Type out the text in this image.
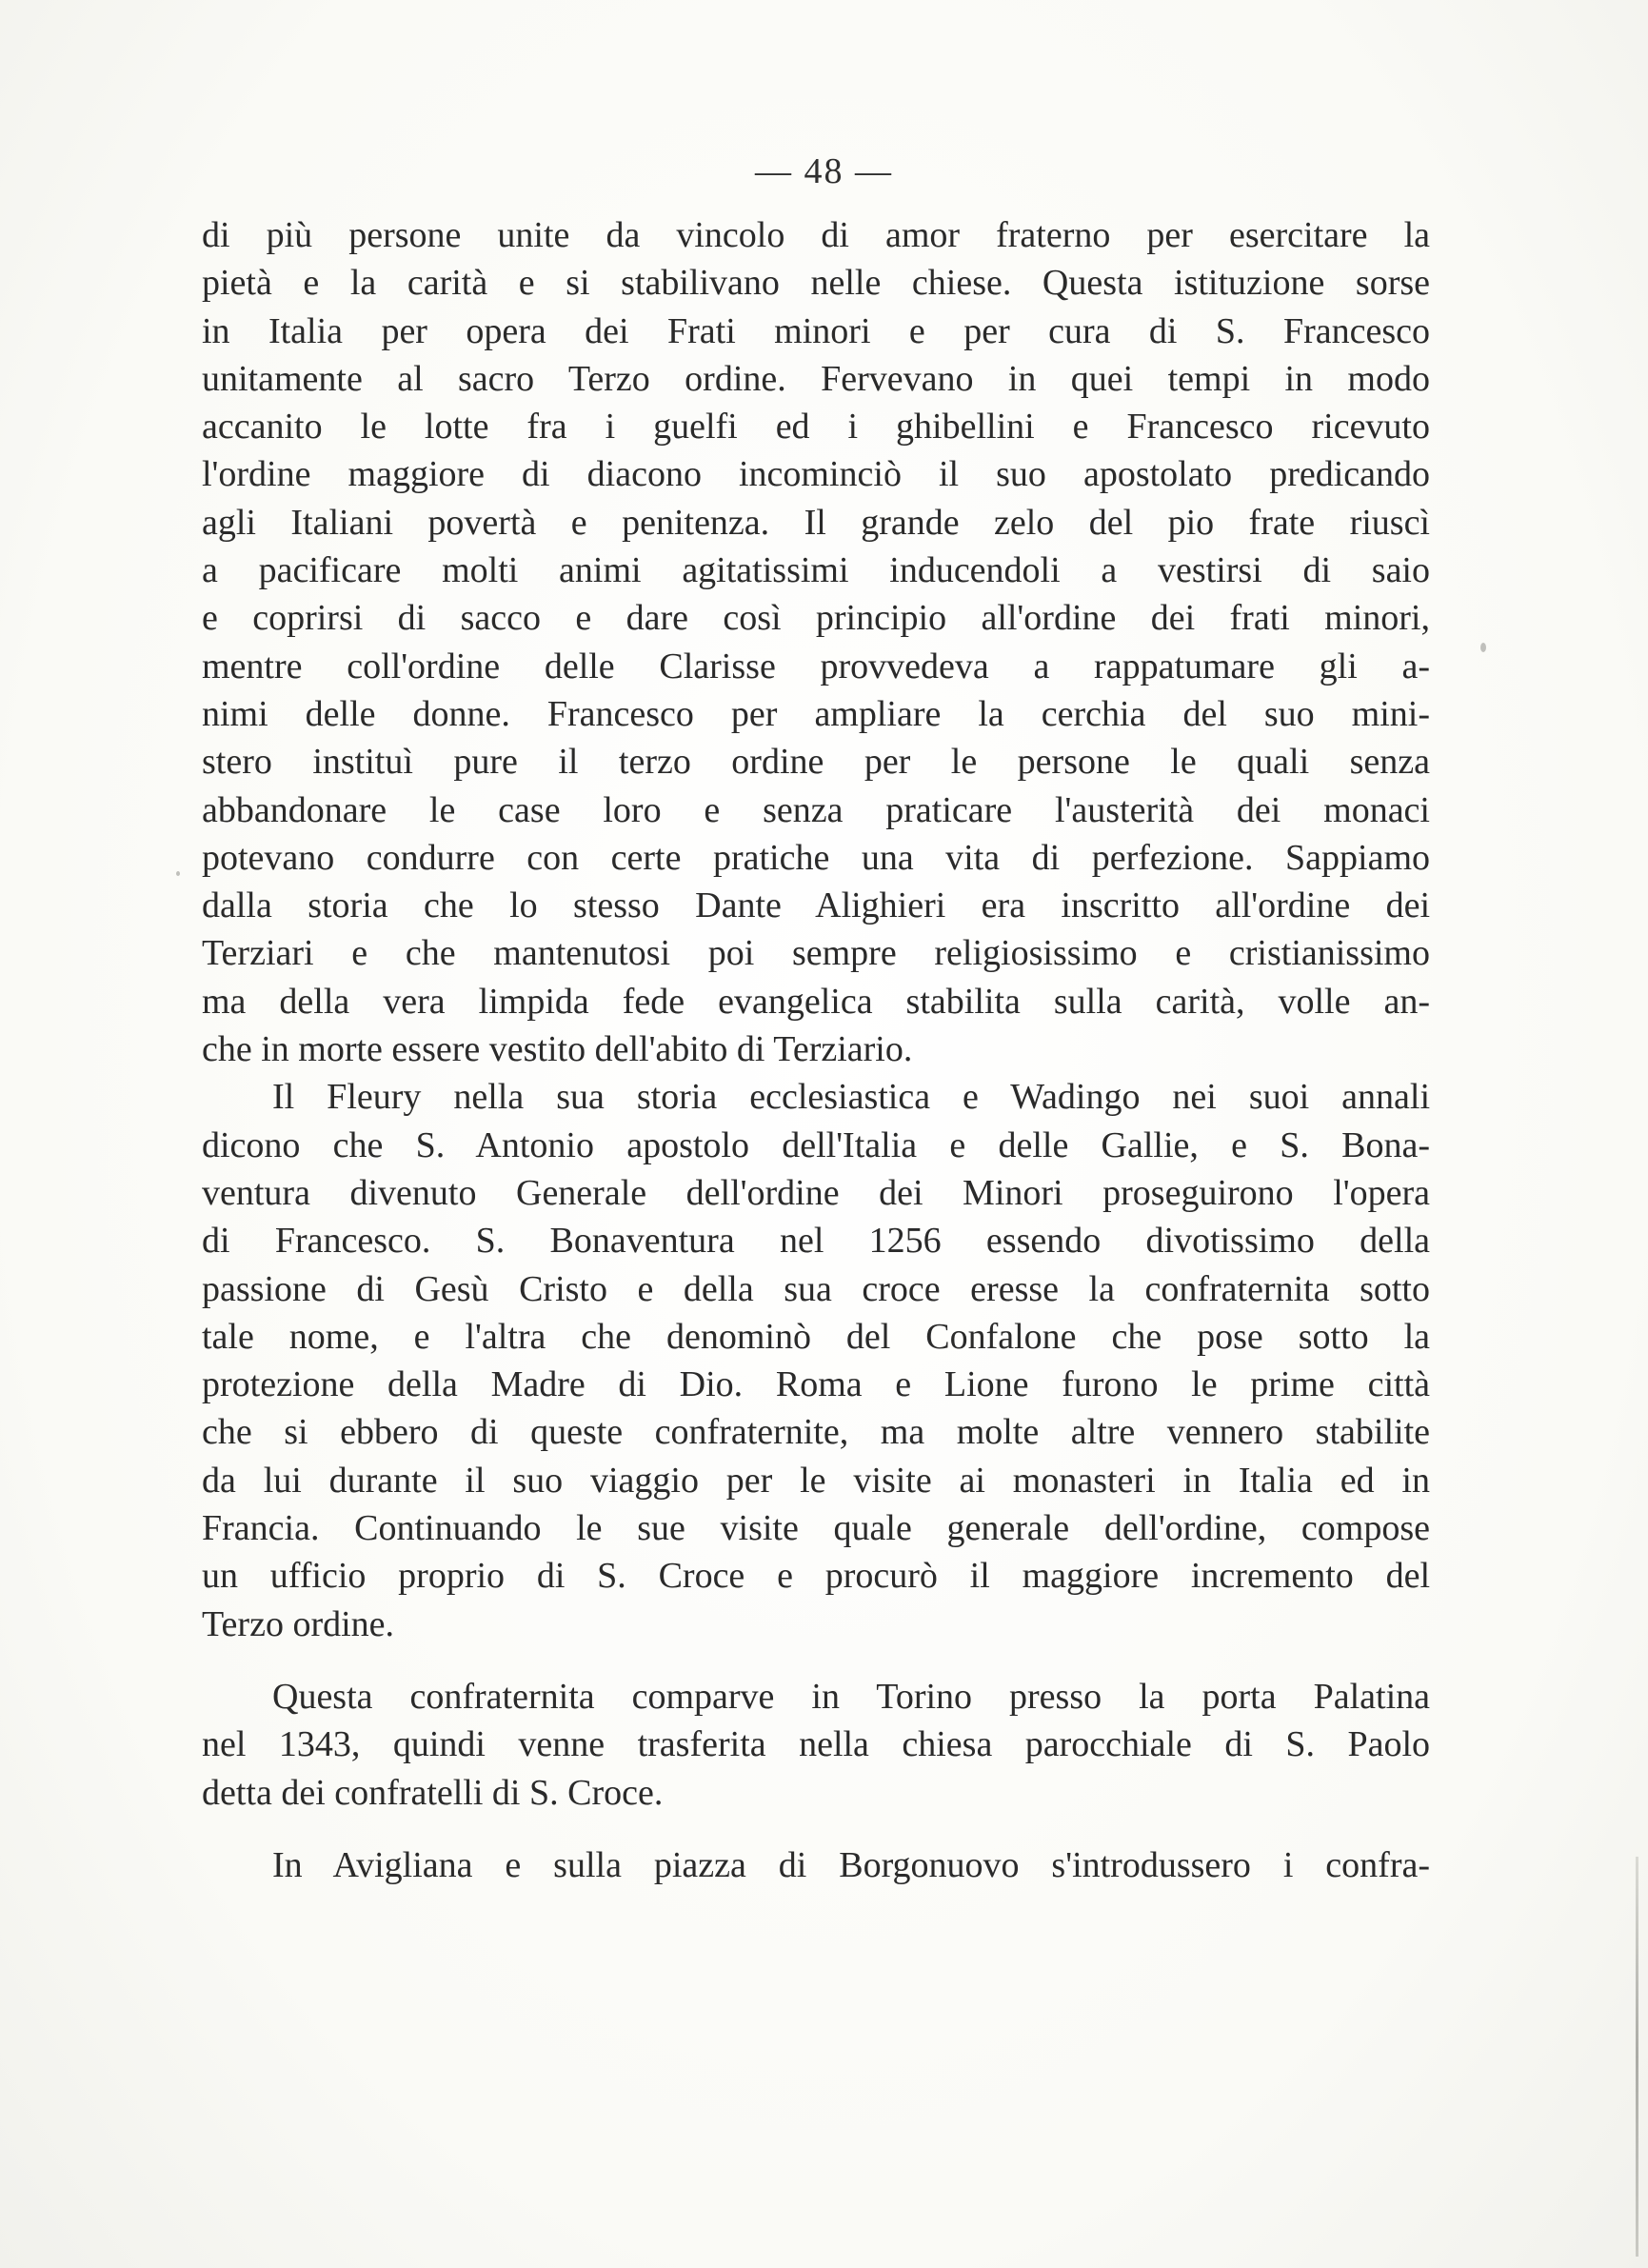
— 48 —
di più persone unite da vincolo di amor fraterno per esercitare la
pietà e la carità e si stabilivano nelle chiese. Questa istituzione sorse
in Italia per opera dei Frati minori e per cura di S. Francesco
unitamente al sacro Terzo ordine. Fervevano in quei tempi in modo
accanito le lotte fra i guelfi ed i ghibellini e Francesco ricevuto
l'ordine maggiore di diacono incominciò il suo apostolato predicando
agli Italiani povertà e penitenza. Il grande zelo del pio frate riuscì
a pacificare molti animi agitatissimi inducendoli a vestirsi di saio
e coprirsi di sacco e dare così principio all'ordine dei frati minori,
mentre coll'ordine delle Clarisse provvedeva a rappatumare gli a-
nimi delle donne. Francesco per ampliare la cerchia del suo mini-
stero instituì pure il terzo ordine per le persone le quali senza
abbandonare le case loro e senza praticare l'austerità dei monaci
potevano condurre con certe pratiche una vita di perfezione. Sappiamo
dalla storia che lo stesso Dante Alighieri era inscritto all'ordine dei
Terziari e che mantenutosi poi sempre religiosissimo e cristianissimo
ma della vera limpida fede evangelica stabilita sulla carità, volle an-
che in morte essere vestito dell'abito di Terziario.
Il Fleury nella sua storia ecclesiastica e Wadingo nei suoi annali
dicono che S. Antonio apostolo dell'Italia e delle Gallie, e S. Bona-
ventura divenuto Generale dell'ordine dei Minori proseguirono l'opera
di Francesco. S. Bonaventura nel 1256 essendo divotissimo della
passione di Gesù Cristo e della sua croce eresse la confraternita sotto
tale nome, e l'altra che denominò del Confalone che pose sotto la
protezione della Madre di Dio. Roma e Lione furono le prime città
che si ebbero di queste confraternite, ma molte altre vennero stabilite
da lui durante il suo viaggio per le visite ai monasteri in Italia ed in
Francia. Continuando le sue visite quale generale dell'ordine, compose
un ufficio proprio di S. Croce e procurò il maggiore incremento del
Terzo ordine.
Questa confraternita comparve in Torino presso la porta Palatina
nel 1343, quindi venne trasferita nella chiesa parocchiale di S. Paolo
detta dei confratelli di S. Croce.
In Avigliana e sulla piazza di Borgonuovo s'introdussero i confra-
